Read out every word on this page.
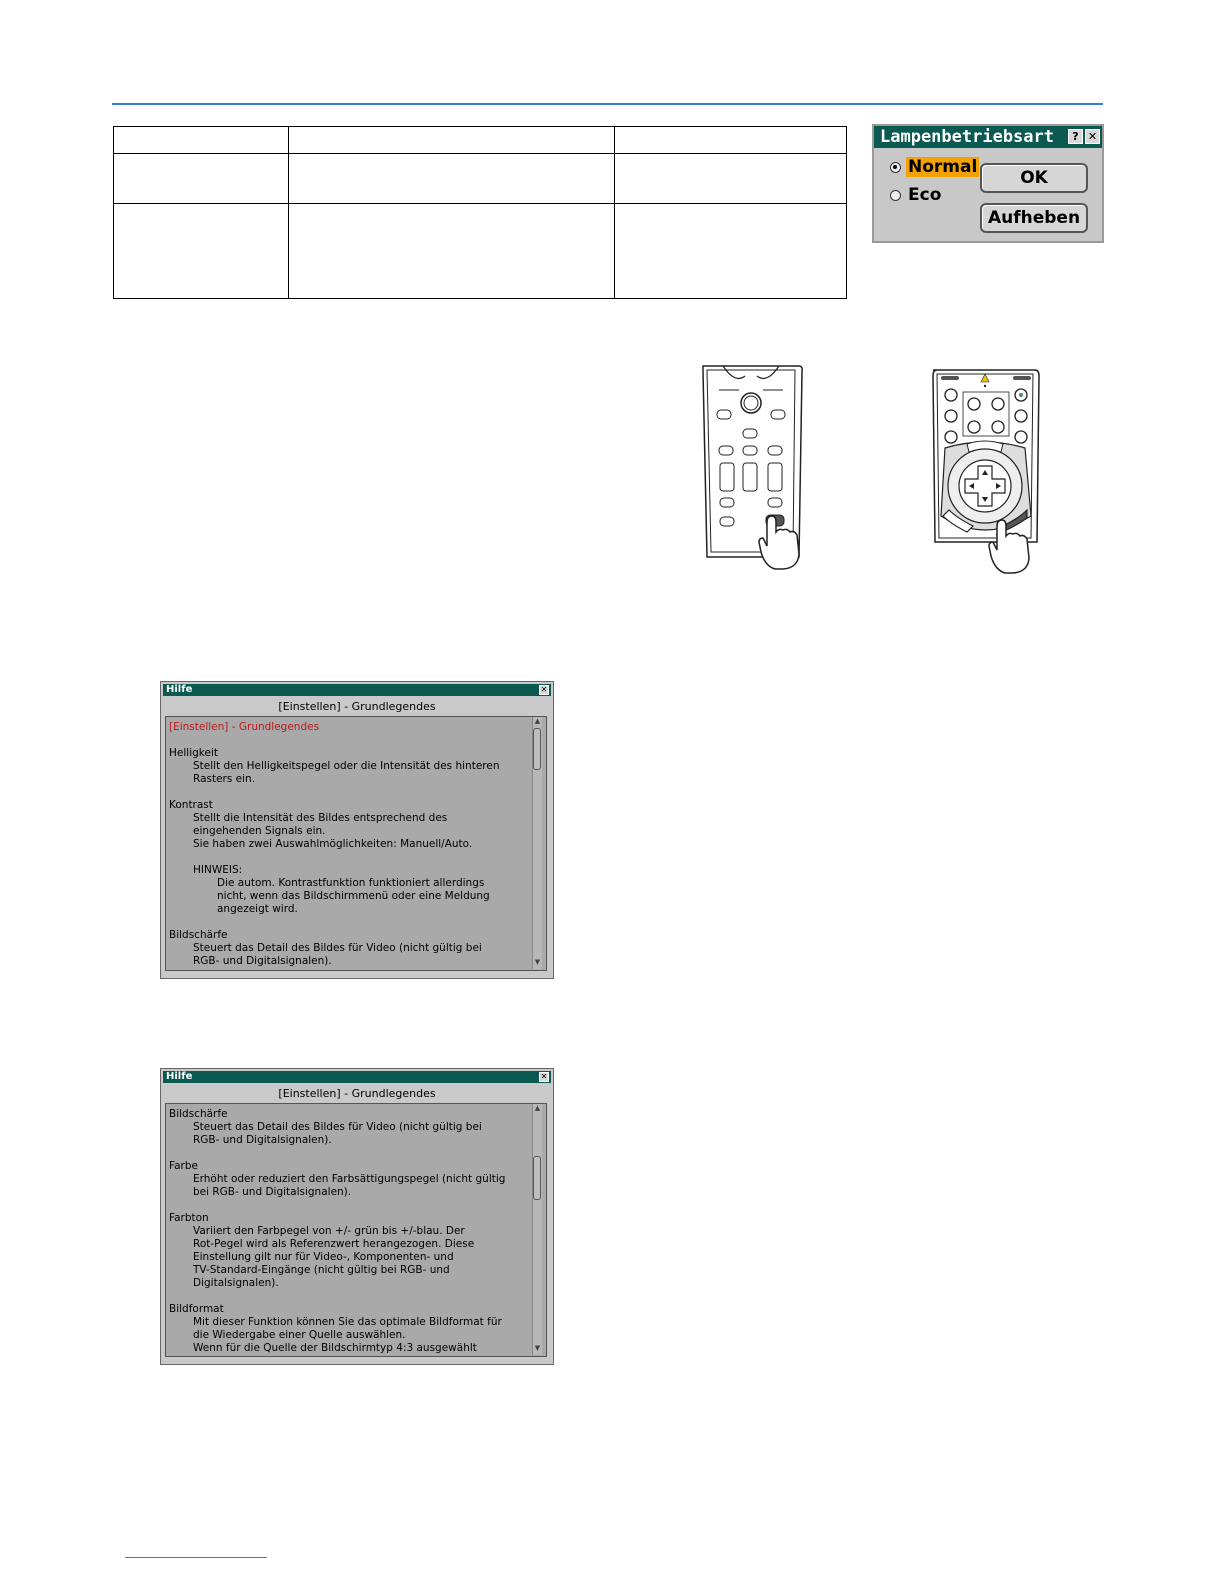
Lampenbetriebsart	? ✕
Normal
Eco
OK
Aufheben
Hilfe	✕
[Einstellen] - Grundlegendes
[Einstellen] - Grundlegendes
Helligkeit
Stellt den Helligkeitspegel oder die Intensität des hinteren
Rasters ein.
Kontrast
Stellt die Intensität des Bildes entsprechend des
eingehenden Signals ein.
Sie haben zwei Auswahlmöglichkeiten: Manuell/Auto.
HINWEIS:
Die autom. Kontrastfunktion funktioniert allerdings
nicht, wenn das Bildschirmmenü oder eine Meldung
angezeigt wird.
Bildschärfe
Steuert das Detail des Bildes für Video (nicht gültig bei
RGB- und Digitalsignalen).
▲
▼
Hilfe	✕
[Einstellen] - Grundlegendes
Bildschärfe
Steuert das Detail des Bildes für Video (nicht gültig bei
RGB- und Digitalsignalen).
Farbe
Erhöht oder reduziert den Farbsättigungspegel (nicht gültig
bei RGB- und Digitalsignalen).
Farbton
Variiert den Farbpegel von +/- grün bis +/-blau. Der
Rot-Pegel wird als Referenzwert herangezogen. Diese
Einstellung gilt nur für Video-, Komponenten- und
TV-Standard-Eingänge (nicht gültig bei RGB- und
Digitalsignalen).
Bildformat
Mit dieser Funktion können Sie das optimale Bildformat für
die Wiedergabe einer Quelle auswählen.
Wenn für die Quelle der Bildschirmtyp 4:3 ausgewählt
▲
▼
